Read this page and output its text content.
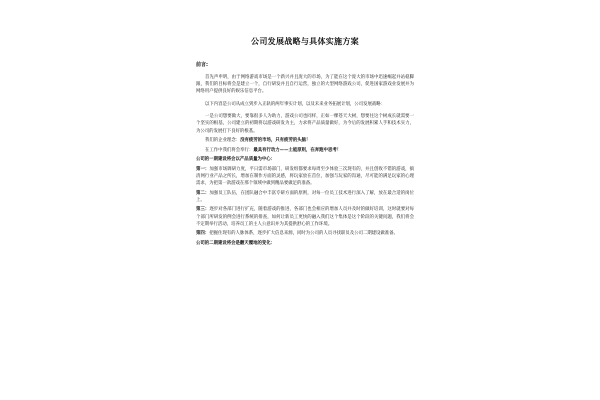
公司发展战略与具体实施方案
前言:

首先声申明，由于网络游戏市场是一个新兴并且庞大的市场，为了能在这个庞大的市场中迅速崛起并站稳脚跟，我们的目标将会是建立一个，自行研发并且自行运营，独立的大型网络游戏公司，促进国家游戏业发展并为网络用户提供良好的娱乐信息平台。

以下内容是公司从成立到步入正轨的两年事实计划，以及未来业务拓展计划，公司发展战略：

一是公司想要做大，要靠很多人为助力，游戏公司也同样，正如一棵苍天大树，想要往这个树成长就需要一个坚实的根基，公司建立的初期将以游戏研发为主，力求将产品质量做好，为今后的发展积累人手和技术实力，为公司的发展打下良好的根基。

我们的企业理念：没有疲劳的市场，只有疲劳的头脑！

在工作中我们将会奉行：最具有行动力——土能原则，在奔跑中思考！

公司的一期建设将会以产品质量为中心：

第一：加强市场调研力度，平日需市场部门，研发组都要求每周至少体验三次现有的，并且创收不错的游戏，搞清网行业产品之所长，增加在制作方面的灵感，将玩家放在首位，加强与玩家的沟通，尽可能的满足玩家的心理需求，为把第一款游戏在那个领域中做到精品要做足的准备。

第二：加强员工队伍，在团队融合中丰富专研方面的原则，对每一位员工技术进行深入了解，放在最合适的岗位上。

第三：逐步对各部门进行扩充，随着游戏的推进，各部门也会相应的增加人员并及时的做好培训，这时就要对每个部门所研发的例会进行系统的排查，如何让新员工更快的融入我们这个集体是这个阶段的关键问题，我们将会不定期举行活动，培养员工的主人公意识并为其提供舒心的工作环境。

第四：把握住现有的人脉体系，逐步扩大信息来源，同时为公司的人员寻找职员及公司二期建设做准备。

公司的二期建设将会是翻天覆地的变化：
